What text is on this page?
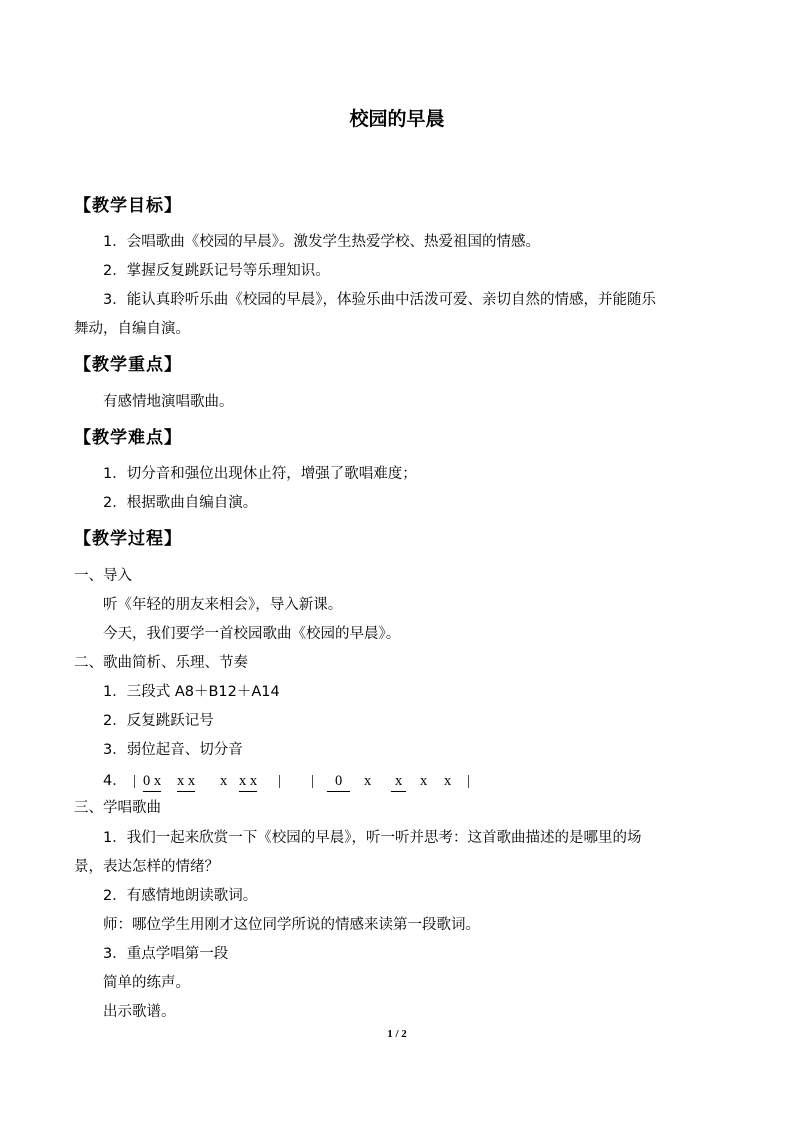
校园的早晨
【教学目标】
1．会唱歌曲《校园的早晨》。激发学生热爱学校、热爱祖国的情感。
2．掌握反复跳跃记号等乐理知识。
3．能认真聆听乐曲《校园的早晨》，体验乐曲中活泼可爱、亲切自然的情感，并能随乐
舞动，自编自演。
【教学重点】
有感情地演唱歌曲。
【教学难点】
1．切分音和强位出现休止符，增强了歌唱难度；
2．根据歌曲自编自演。
【教学过程】
一、导入
听《年轻的朋友来相会》，导入新课。
今天，我们要学一首校园歌曲《校园的早晨》。
二、歌曲简析、乐理、节奏
1．三段式 A8＋B12＋A14
2．反复跳跃记号
3．弱位起音、切分音
4． | 0 x x x x x x | |	0	x x x x |
三、学唱歌曲
1．我们一起来欣赏一下《校园的早晨》，听一听并思考：这首歌曲描述的是哪里的场
景，表达怎样的情绪？
2．有感情地朗读歌词。
师：哪位学生用刚才这位同学所说的情感来读第一段歌词。
3．重点学唱第一段
简单的练声。
出示歌谱。
1 / 2
